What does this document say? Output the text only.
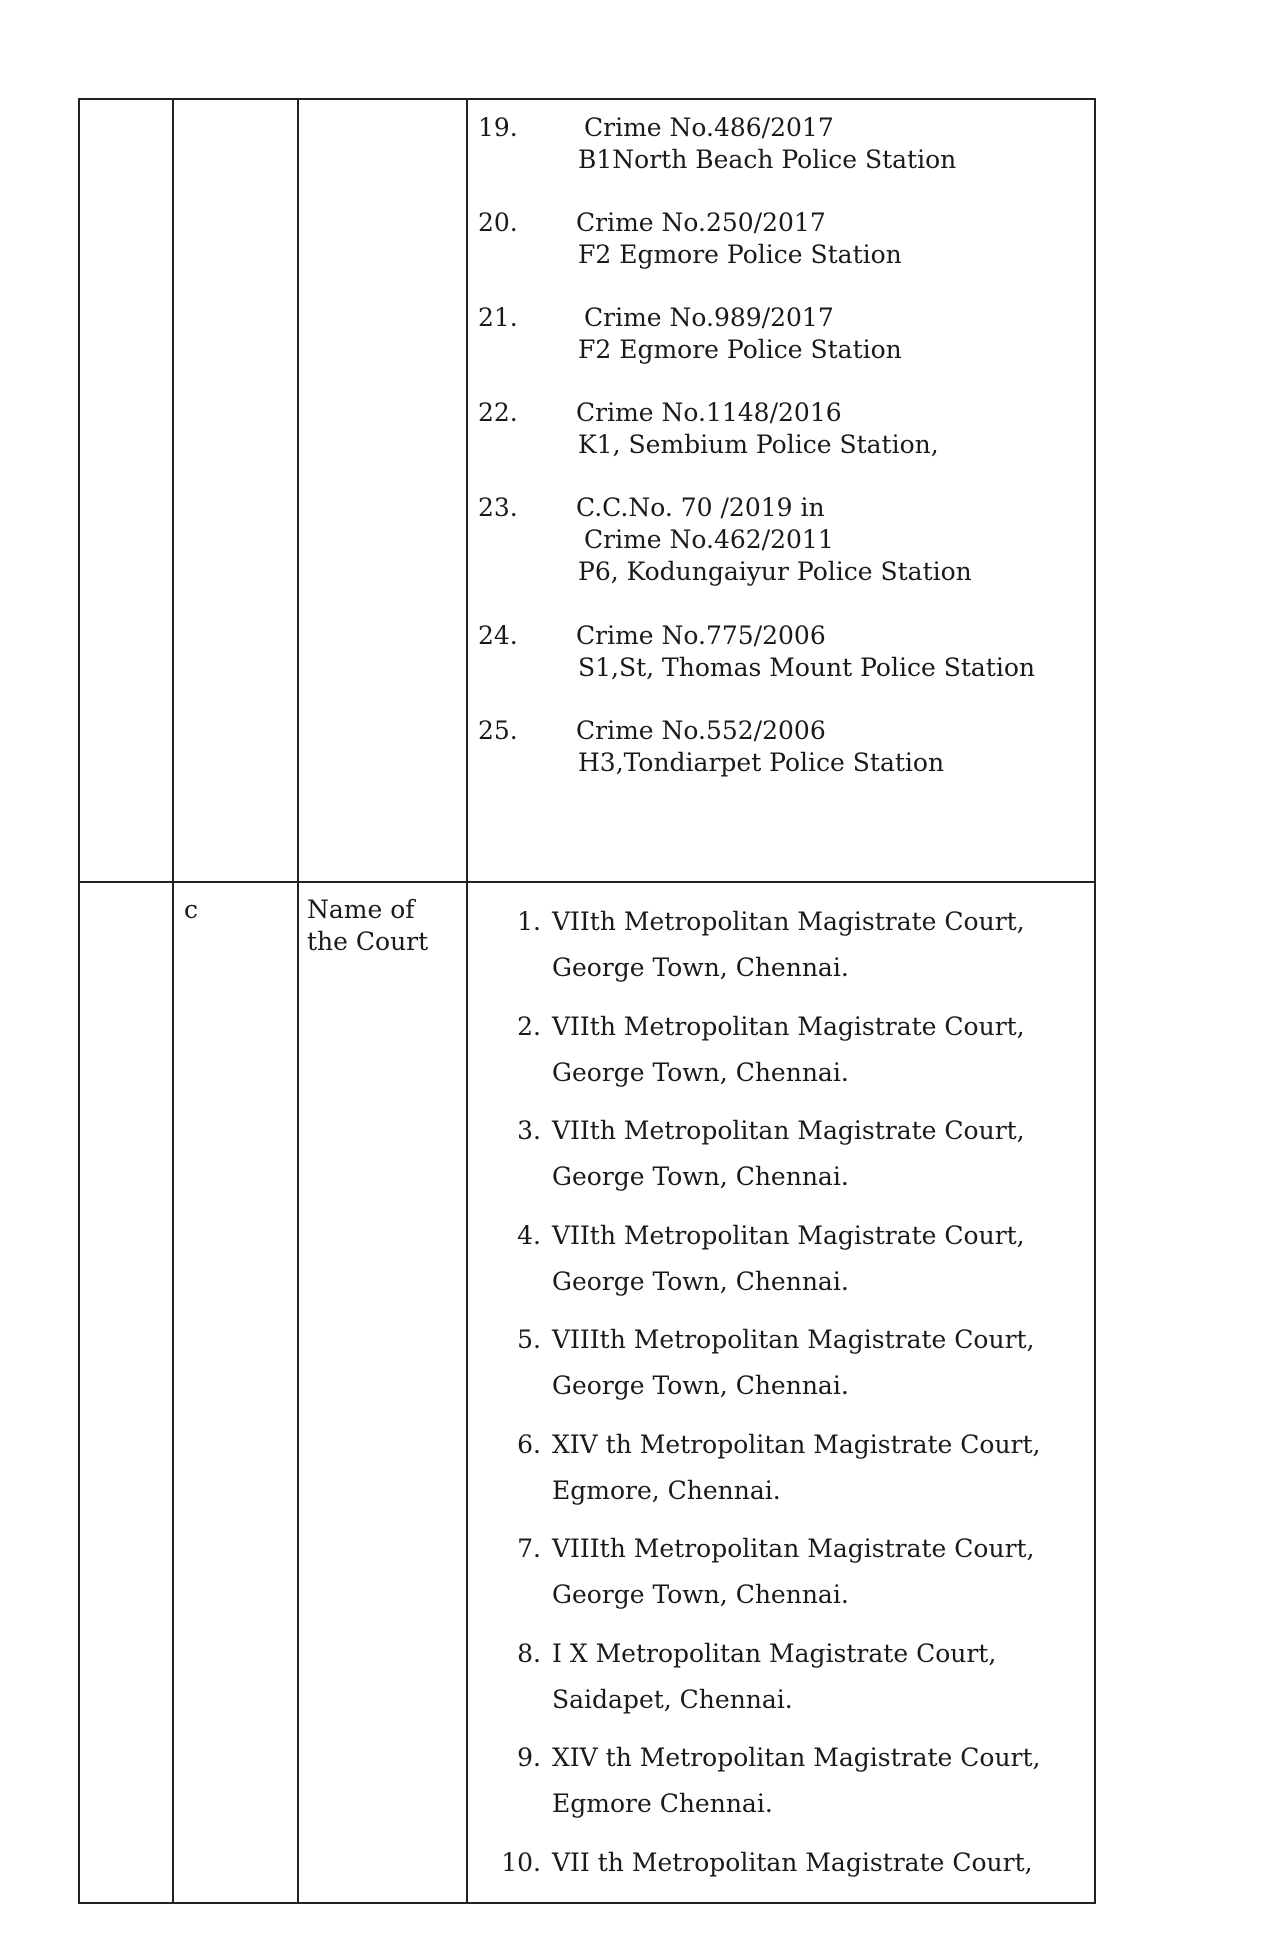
19.	Crime No.486/2017
B1North Beach Police Station
20. Crime No.250/2017
F2 Egmore Police Station
21.	Crime No.989/2017
F2 Egmore Police Station
22. Crime No.1148/2016
K1, Sembium Police Station,
23. C.C.No. 70 /2019 in
Crime No.462/2011
P6, Kodungaiyur Police Station
24. Crime No.775/2006
S1,St, Thomas Mount Police Station
25. Crime No.552/2006
H3,Tondiarpet Police Station
c	Name of
the Court
1. VIIth Metropolitan Magistrate Court,
George Town, Chennai.
2. VIIth Metropolitan Magistrate Court,
George Town, Chennai.
3. VIIth Metropolitan Magistrate Court,
George Town, Chennai.
4. VIIth Metropolitan Magistrate Court,
George Town, Chennai.
5. VIIIth Metropolitan Magistrate Court,
George Town, Chennai.
6. XIV th Metropolitan Magistrate Court,
Egmore, Chennai.
7. VIIIth Metropolitan Magistrate Court,
George Town, Chennai.
8. I X Metropolitan Magistrate Court,
Saidapet, Chennai.
9. XIV th Metropolitan Magistrate Court,
Egmore Chennai.
10. VII th Metropolitan Magistrate Court,
